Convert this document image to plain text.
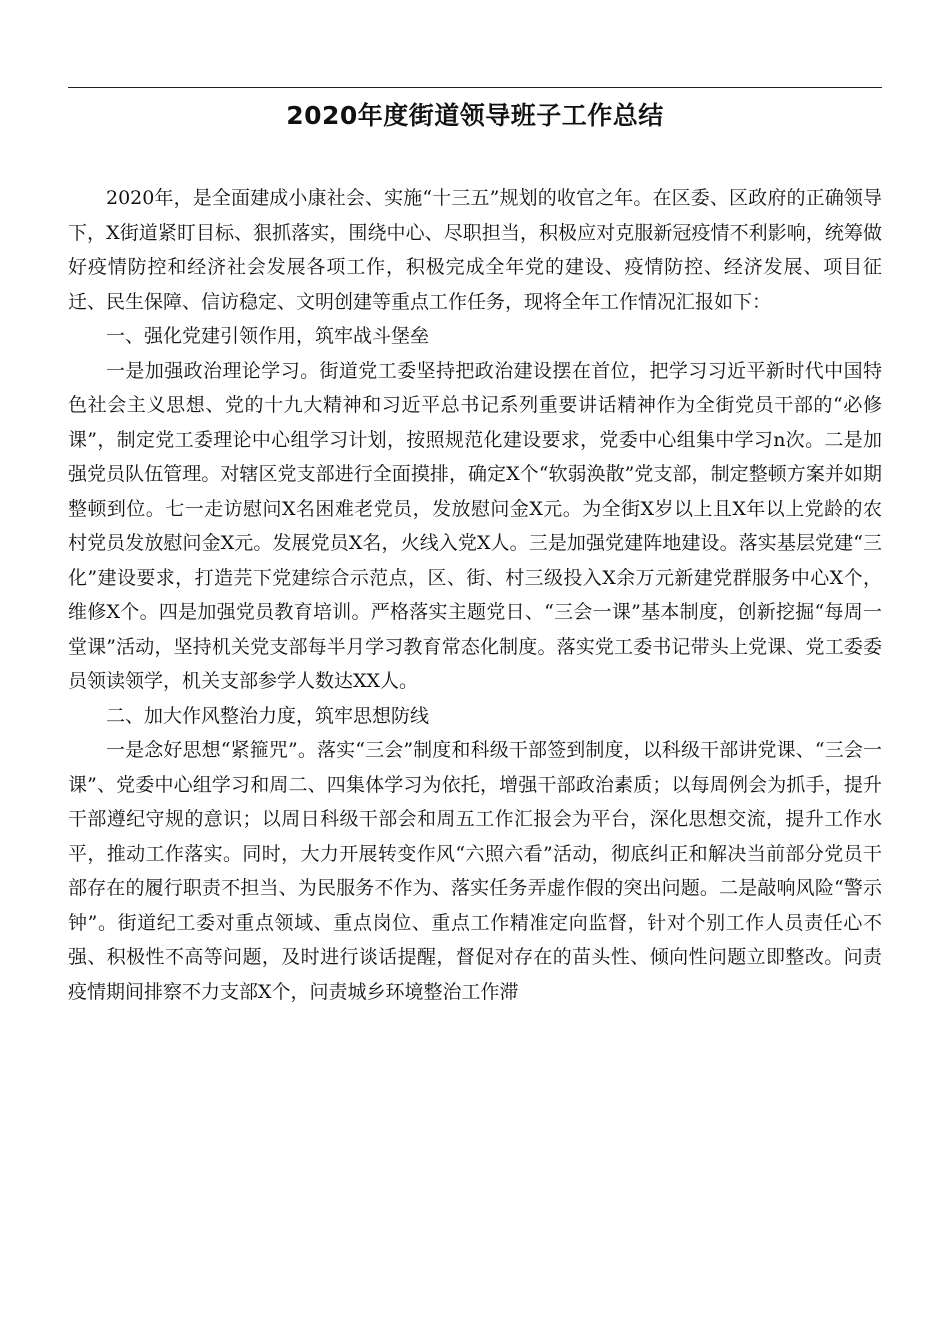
2020年度街道领导班子工作总结

2020年，是全面建成小康社会、实施“十三五”规划的收官之年。在区委、区政府的正确领导下，X街道紧盯目标、狠抓落实，围绕中心、尽职担当，积极应对克服新冠疫情不利影响，统筹做好疫情防控和经济社会发展各项工作，积极完成全年党的建设、疫情防控、经济发展、项目征迁、民生保障、信访稳定、文明创建等重点工作任务，现将全年工作情况汇报如下：

一、强化党建引领作用，筑牢战斗堡垒

一是加强政治理论学习。街道党工委坚持把政治建设摆在首位，把学习习近平新时代中国特色社会主义思想、党的十九大精神和习近平总书记系列重要讲话精神作为全街党员干部的“必修课”，制定党工委理论中心组学习计划，按照规范化建设要求，党委中心组集中学习n次。二是加强党员队伍管理。对辖区党支部进行全面摸排，确定X个“软弱涣散”党支部，制定整顿方案并如期整顿到位。七一走访慰问X名困难老党员，发放慰问金X元。为全街X岁以上且X年以上党龄的农村党员发放慰问金X元。发展党员X名，火线入党X人。三是加强党建阵地建设。落实基层党建“三化”建设要求，打造芫下党建综合示范点，区、街、村三级投入X余万元新建党群服务中心X个，维修X个。四是加强党员教育培训。严格落实主题党日、“三会一课”基本制度，创新挖掘“每周一堂课”活动，坚持机关党支部每半月学习教育常态化制度。落实党工委书记带头上党课、党工委委员领读领学，机关支部参学人数达XX人。

二、加大作风整治力度，筑牢思想防线

一是念好思想“紧箍咒”。落实“三会”制度和科级干部签到制度，以科级干部讲党课、“三会一课”、党委中心组学习和周二、四集体学习为依托，增强干部政治素质；以每周例会为抓手，提升干部遵纪守规的意识；以周日科级干部会和周五工作汇报会为平台，深化思想交流，提升工作水平，推动工作落实。同时，大力开展转变作风“六照六看”活动，彻底纠正和解决当前部分党员干部存在的履行职责不担当、为民服务不作为、落实任务弄虚作假的突出问题。二是敲响风险“警示钟”。街道纪工委对重点领域、重点岗位、重点工作精准定向监督，针对个别工作人员责任心不强、积极性不高等问题，及时进行谈话提醒，督促对存在的苗头性、倾向性问题立即整改。问责疫情期间排察不力支部X个，问责城乡环境整治工作滞
